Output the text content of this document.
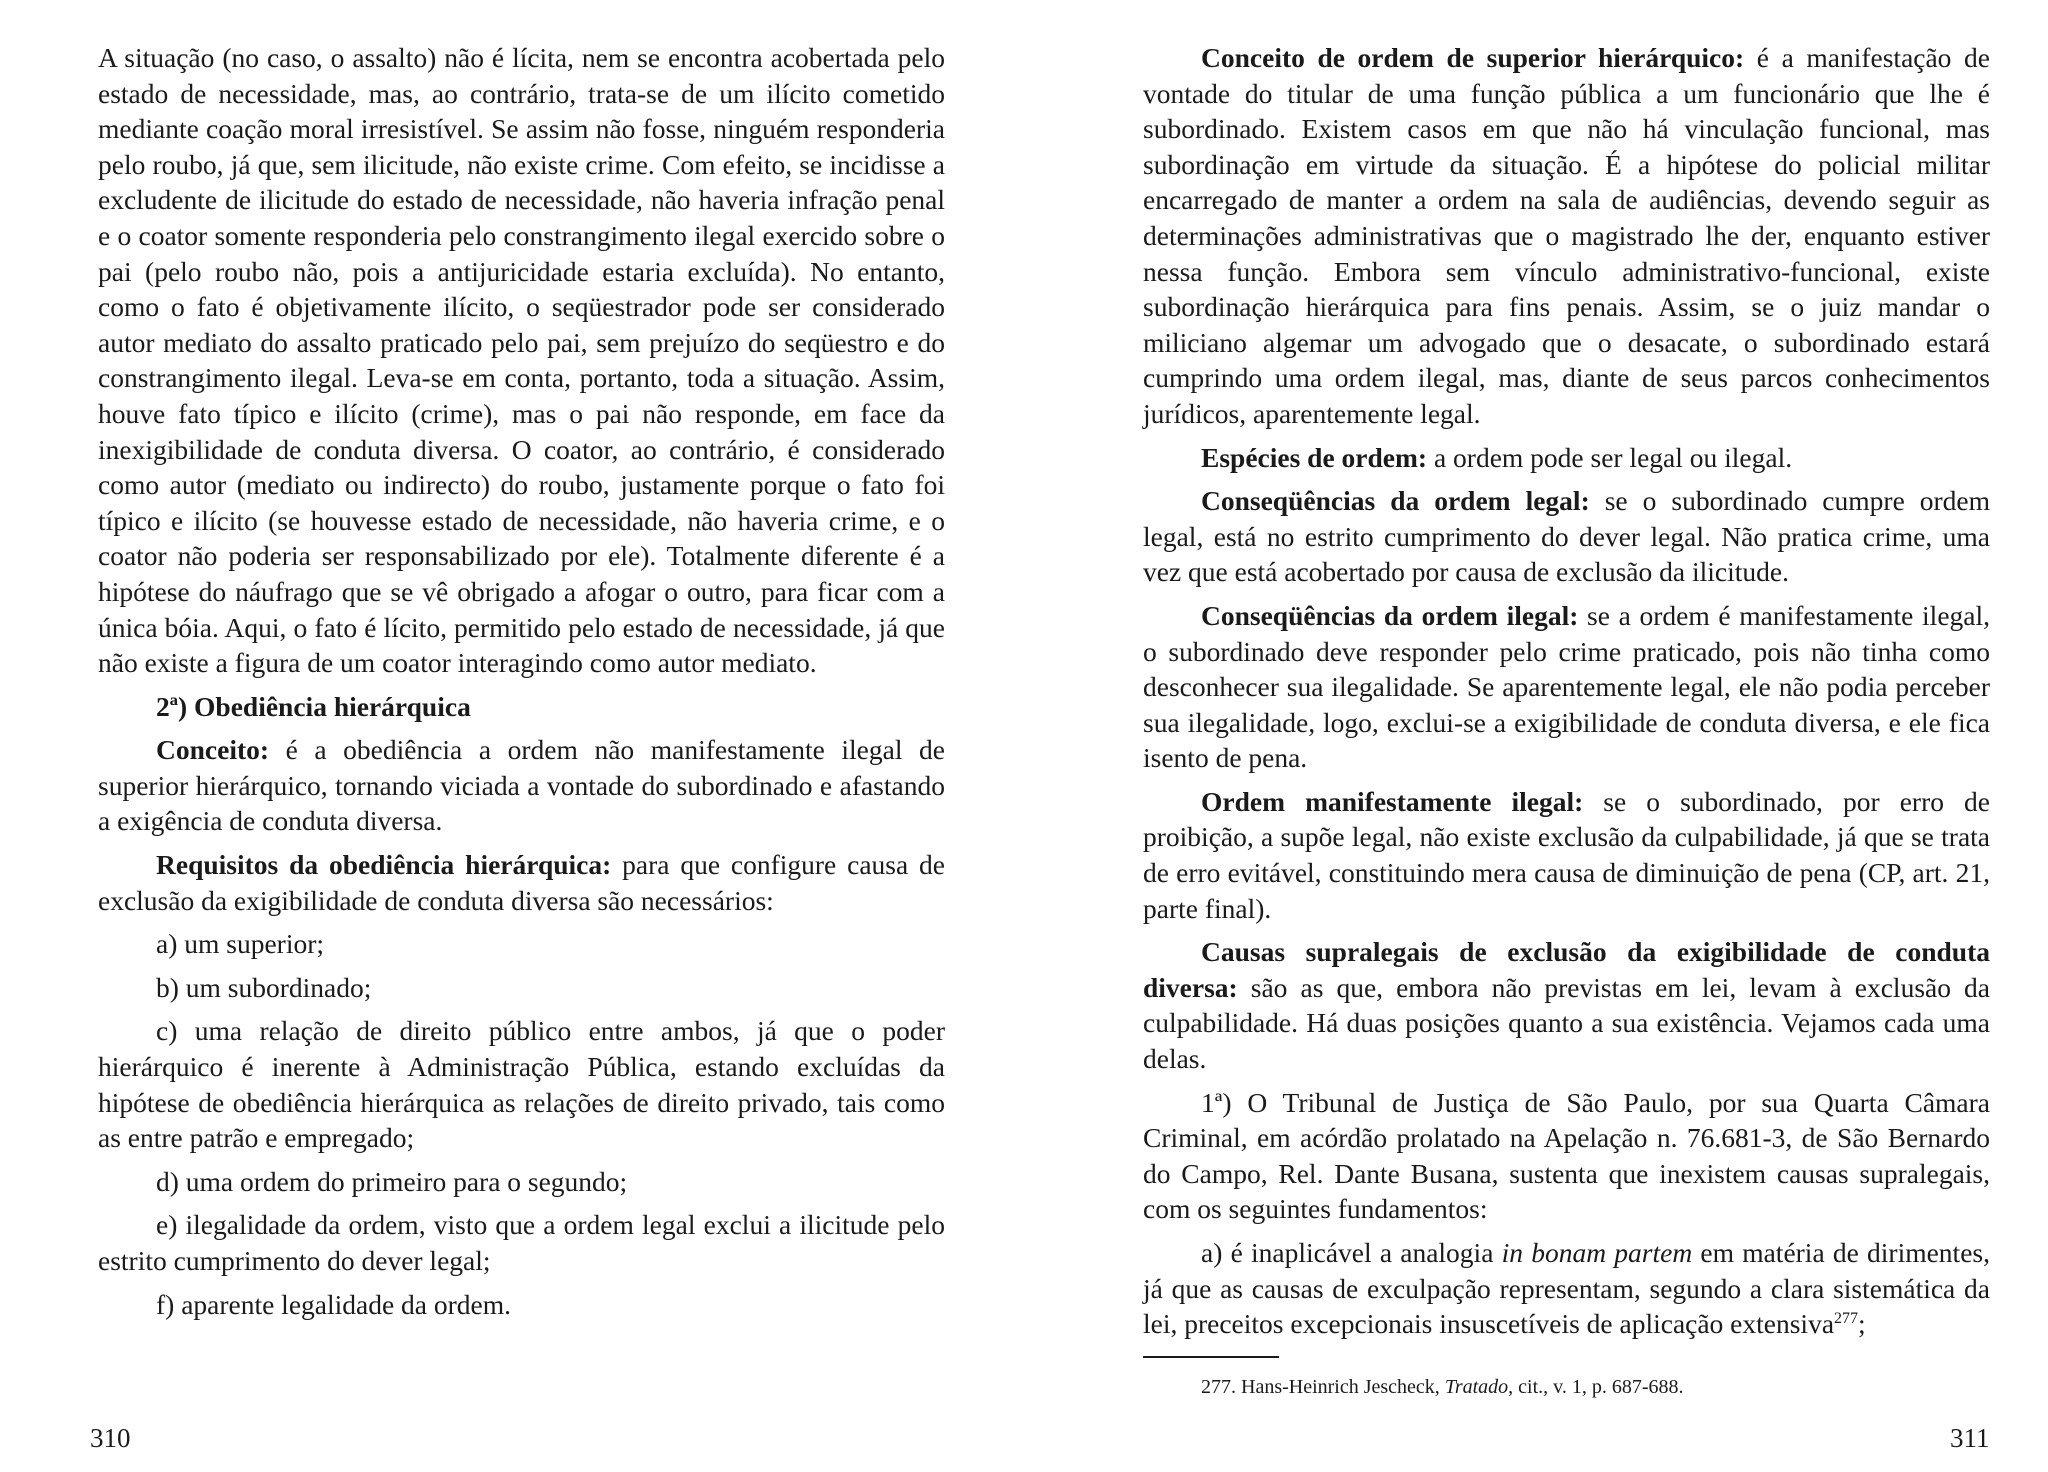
A situação (no caso, o assalto) não é lícita, nem se encontra acobertada pelo estado de necessidade, mas, ao contrário, trata-se de um ilícito cometido mediante coação moral irresistível. Se assim não fosse, ninguém responderia pelo roubo, já que, sem ilicitude, não existe crime. Com efeito, se incidisse a excludente de ilicitude do estado de necessidade, não haveria infração penal e o coator somente responderia pelo constrangimento ilegal exercido sobre o pai (pelo roubo não, pois a antijuricidade estaria excluída). No entanto, como o fato é objetivamente ilícito, o seqüestrador pode ser considerado autor mediato do assalto praticado pelo pai, sem prejuízo do seqüestro e do constrangimento ilegal. Leva-se em conta, portanto, toda a situação. Assim, houve fato típico e ilícito (crime), mas o pai não responde, em face da inexigibilidade de conduta diversa. O coator, ao contrário, é considerado como autor (mediato ou indirecto) do roubo, justamente porque o fato foi típico e ilícito (se houvesse estado de necessidade, não haveria crime, e o coator não poderia ser responsabilizado por ele). Totalmente diferente é a hipótese do náufrago que se vê obrigado a afogar o outro, para ficar com a única bóia. Aqui, o fato é lícito, permitido pelo estado de necessidade, já que não existe a figura de um coator interagindo como autor mediato.

2ª) Obediência hierárquica

Conceito: é a obediência a ordem não manifestamente ilegal de superior hierárquico, tornando viciada a vontade do subordinado e afastando a exigência de conduta diversa.

Requisitos da obediência hierárquica: para que configure causa de exclusão da exigibilidade de conduta diversa são necessários:

a) um superior;

b) um subordinado;

c) uma relação de direito público entre ambos, já que o poder hierárquico é inerente à Administração Pública, estando excluídas da hipótese de obediência hierárquica as relações de direito privado, tais como as entre patrão e empregado;

d) uma ordem do primeiro para o segundo;

e) ilegalidade da ordem, visto que a ordem legal exclui a ilicitude pelo estrito cumprimento do dever legal;

f) aparente legalidade da ordem.

Conceito de ordem de superior hierárquico: é a manifestação de vontade do titular de uma função pública a um funcionário que lhe é subordinado. Existem casos em que não há vinculação funcional, mas subordinação em virtude da situação. É a hipótese do policial militar encarregado de manter a ordem na sala de audiências, devendo seguir as determinações administrativas que o magistrado lhe der, enquanto estiver nessa função. Embora sem vínculo administrativo-funcional, existe subordinação hierárquica para fins penais. Assim, se o juiz mandar o miliciano algemar um advogado que o desacate, o subordinado estará cumprindo uma ordem ilegal, mas, diante de seus parcos conhecimentos jurídicos, aparentemente legal.

Espécies de ordem: a ordem pode ser legal ou ilegal.

Conseqüências da ordem legal: se o subordinado cumpre ordem legal, está no estrito cumprimento do dever legal. Não pratica crime, uma vez que está acobertado por causa de exclusão da ilicitude.

Conseqüências da ordem ilegal: se a ordem é manifestamente ilegal, o subordinado deve responder pelo crime praticado, pois não tinha como desconhecer sua ilegalidade. Se aparentemente legal, ele não podia perceber sua ilegalidade, logo, exclui-se a exigibilidade de conduta diversa, e ele fica isento de pena.

Ordem manifestamente ilegal: se o subordinado, por erro de proibição, a supõe legal, não existe exclusão da culpabilidade, já que se trata de erro evitável, constituindo mera causa de diminuição de pena (CP, art. 21, parte final).

Causas supralegais de exclusão da exigibilidade de conduta diversa: são as que, embora não previstas em lei, levam à exclusão da culpabilidade. Há duas posições quanto a sua existência. Vejamos cada uma delas.

1ª) O Tribunal de Justiça de São Paulo, por sua Quarta Câmara Criminal, em acórdão prolatado na Apelação n. 76.681-3, de São Bernardo do Campo, Rel. Dante Busana, sustenta que inexistem causas supralegais, com os seguintes fundamentos:

a) é inaplicável a analogia in bonam partem em matéria de dirimentes, já que as causas de exculpação representam, segundo a clara sistemática da lei, preceitos excepcionais insuscetíveis de aplicação extensiva$^{277}$;

277. Hans-Heinrich Jescheck, Tratado, cit., v. 1, p. 687-688.
310	311
